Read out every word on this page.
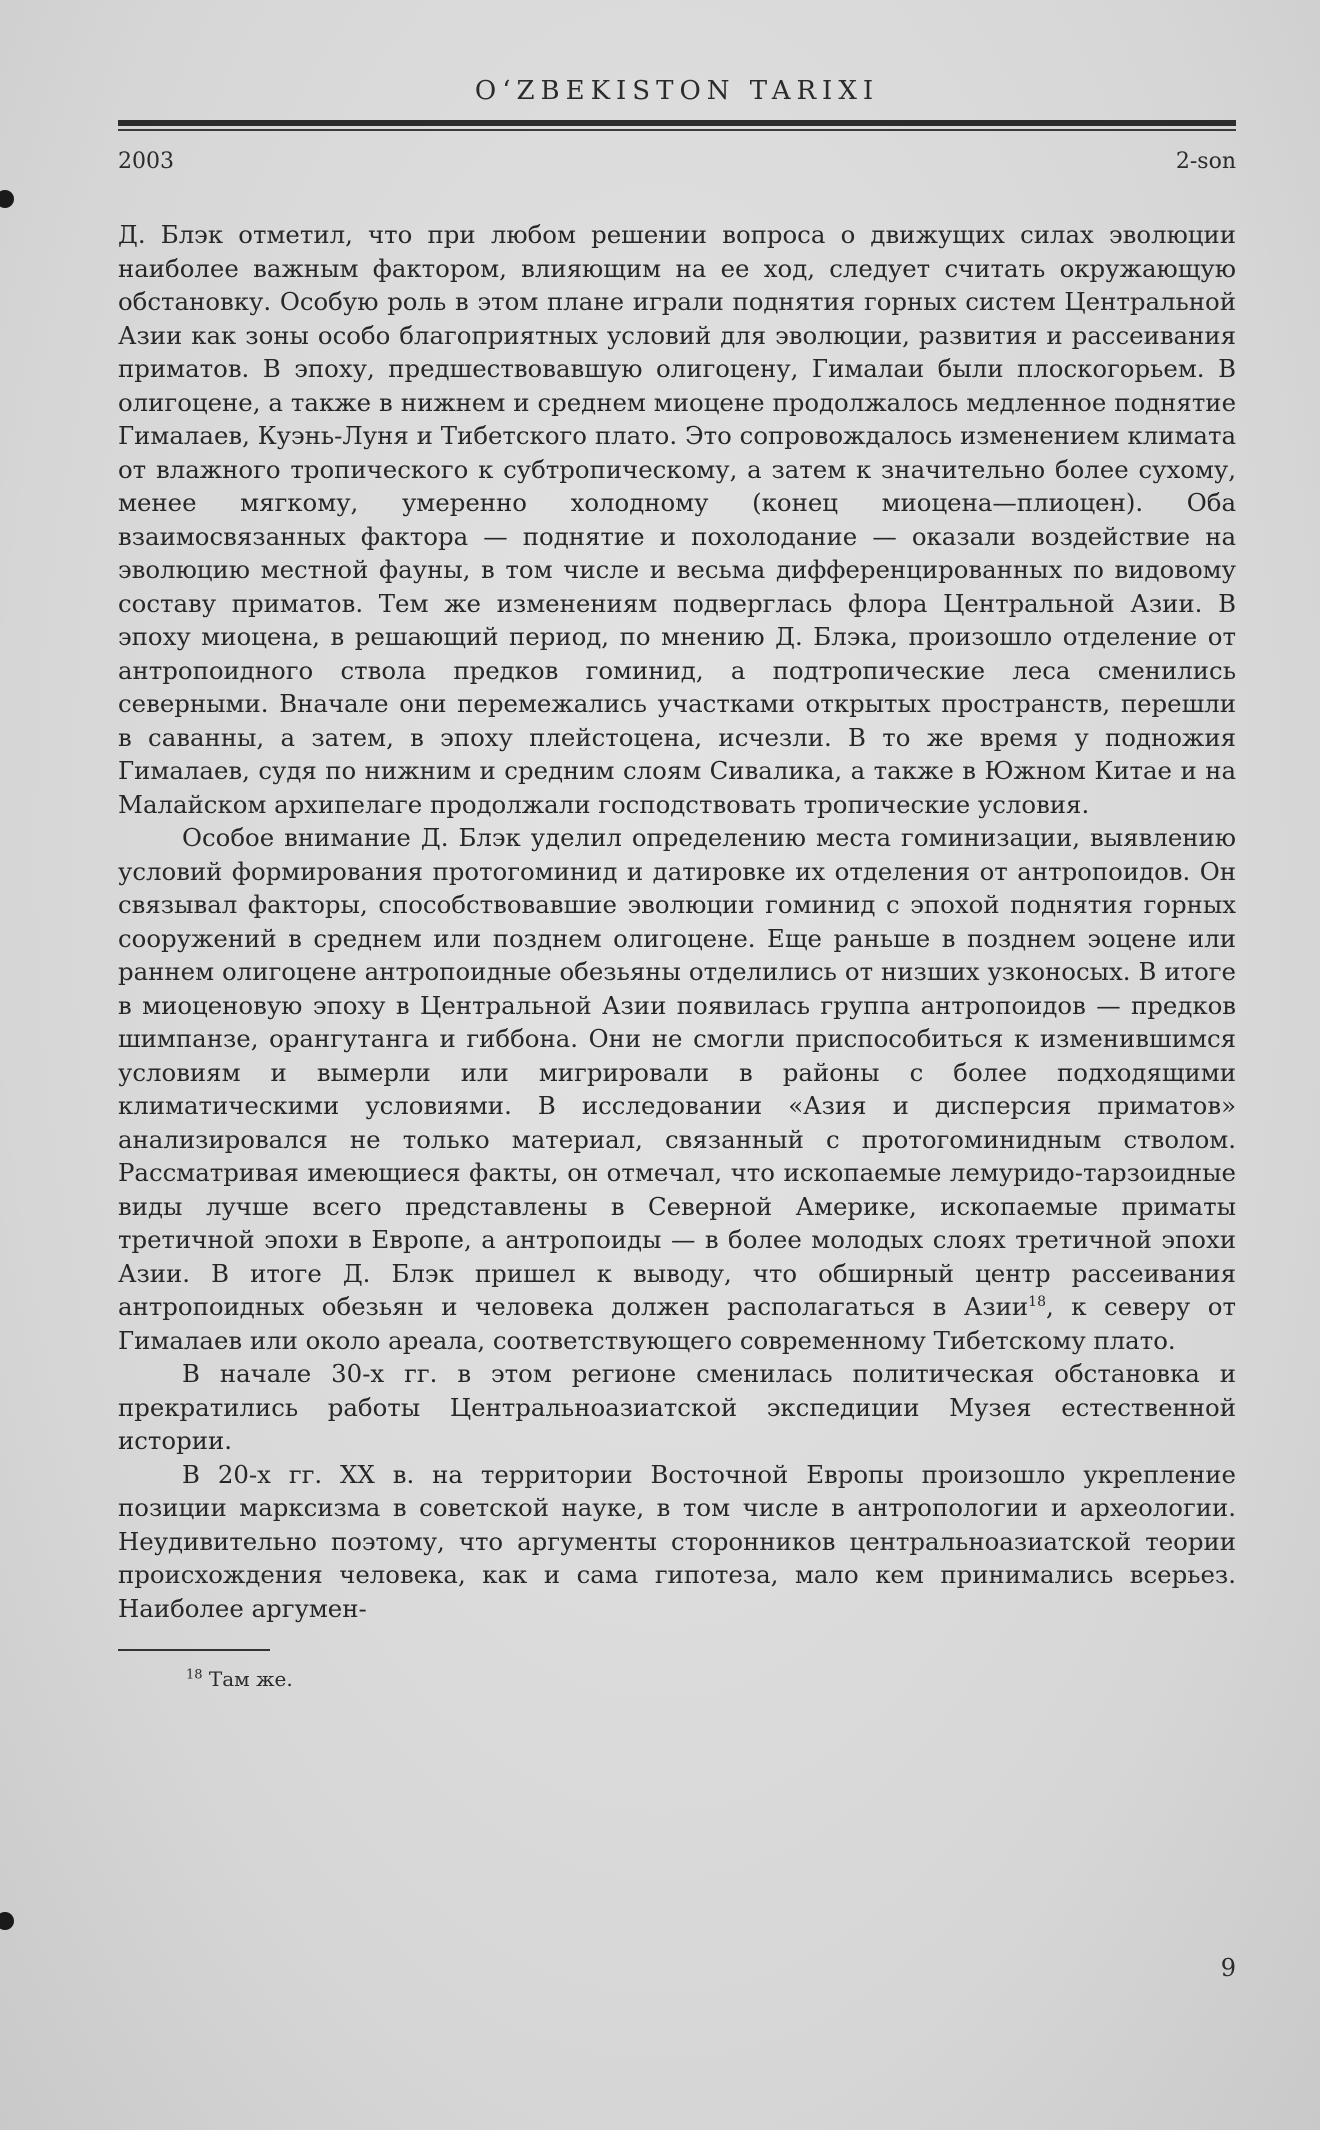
OʻZBEKISTON TARIXI
2003	2-son

Д. Блэк отметил, что при любом решении вопроса о движущих силах эволюции наиболее важным фактором, влияющим на ее ход, следует считать окружающую обстановку. Особую роль в этом плане играли поднятия горных систем Центральной Азии как зоны особо благоприятных условий для эволюции, развития и рассеивания приматов. В эпоху, предшествовавшую олигоцену, Гималаи были плоскогорьем. В олигоцене, а также в нижнем и среднем миоцене продолжалось медленное поднятие Гималаев, Куэнь-Луня и Тибетского плато. Это сопровождалось изменением климата от влажного тропического к субтропическому, а затем к значительно более сухому, менее мягкому, умеренно холодному (конец миоцена—плиоцен). Оба взаимосвязанных фактора — поднятие и похолодание — оказали воздействие на эволюцию местной фауны, в том числе и весьма дифференцированных по видовому составу приматов. Тем же изменениям подверглась флора Центральной Азии. В эпоху миоцена, в решающий период, по мнению Д. Блэка, произошло отделение от антропоидного ствола предков гоминид, а подтропические леса сменились северными. Вначале они перемежались участками открытых пространств, перешли в саванны, а затем, в эпоху плейстоцена, исчезли. В то же время у подножия Гималаев, судя по нижним и средним слоям Сивалика, а также в Южном Китае и на Малайском архипелаге продолжали господствовать тропические условия.

Особое внимание Д. Блэк уделил определению места гоминизации, выявлению условий формирования протогоминид и датировке их отделения от антропоидов. Он связывал факторы, способствовавшие эволюции гоминид с эпохой поднятия горных сооружений в среднем или позднем олигоцене. Еще раньше в позднем эоцене или раннем олигоцене антропоидные обезьяны отделились от низших узконосых. В итоге в миоценовую эпоху в Центральной Азии появилась группа антропоидов — предков шимпанзе, орангутанга и гиббона. Они не смогли приспособиться к изменившимся условиям и вымерли или мигрировали в районы с более подходящими климатическими условиями. В исследовании «Азия и дисперсия приматов» анализировался не только материал, связанный с протогоминидным стволом. Рассматривая имеющиеся факты, он отмечал, что ископаемые лемуридо-тарзоидные виды лучше всего представлены в Северной Америке, ископаемые приматы третичной эпохи в Европе, а антропоиды — в более молодых слоях третичной эпохи Азии. В итоге Д. Блэк пришел к выводу, что обширный центр рассеивания антропоидных обезьян и человека должен располагаться в Азии$^{18}$, к северу от Гималаев или около ареала, соответствующего современному Тибетскому плато.

В начале 30-х гг. в этом регионе сменилась политическая обстановка и прекратились работы Центральноазиатской экспедиции Музея естественной истории.

В 20-х гг. XX в. на территории Восточной Европы произошло укрепление позиции марксизма в советской науке, в том числе в антропологии и археологии. Неудивительно поэтому, что аргументы сторонников центральноазиатской теории происхождения человека, как и сама гипотеза, мало кем принимались всерьез. Наиболее аргумен-

$^{18}$ Там же.
9
